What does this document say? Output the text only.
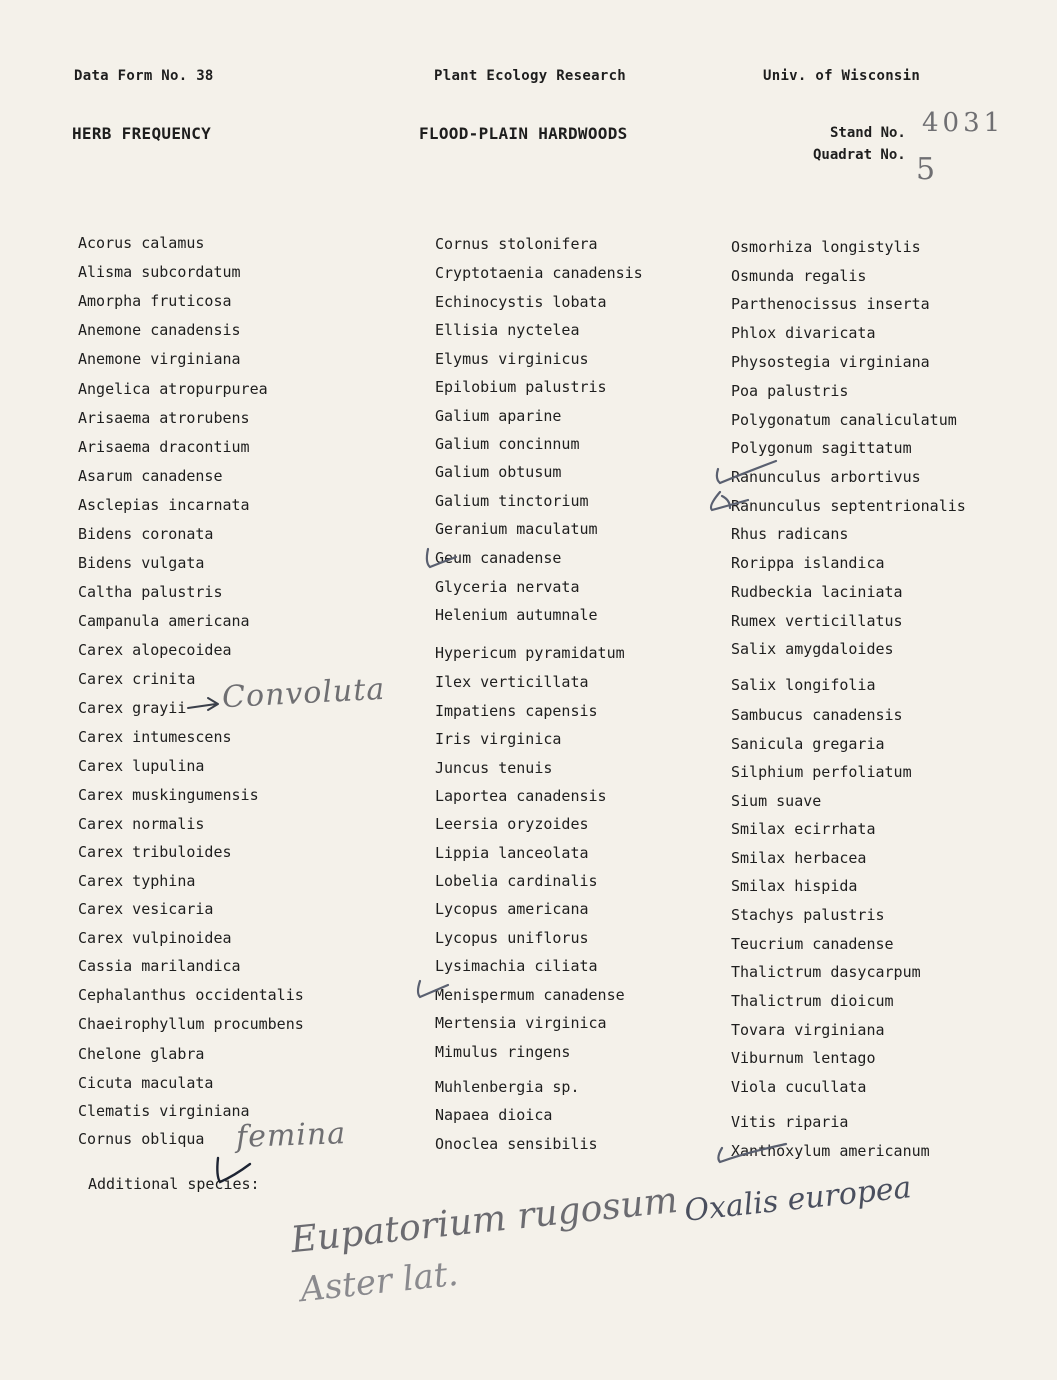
Data Form No. 38	Plant Ecology Research	Univ. of Wisconsin
HERB FREQUENCY	FLOOD-PLAIN HARDWOODS	Stand No. 4031
Quadrat No. 5
Acorus calamus
Alisma subcordatum
Amorpha fruticosa
Anemone canadensis
Anemone virginiana
Angelica atropurpurea
Arisaema atrorubens
Arisaema dracontium
Asarum canadense
Asclepias incarnata
Bidens coronata
Bidens vulgata
Caltha palustris
Campanula americana
Carex alopecoidea
Carex crinita
Carex grayii
Carex intumescens
Carex lupulina
Carex muskingumensis
Carex normalis
Carex tribuloides
Carex typhina
Carex vesicaria
Carex vulpinoidea
Cassia marilandica
Cephalanthus occidentalis
Chaeirophyllum procumbens
Chelone glabra
Cicuta maculata
Clematis virginiana
Cornus obliqua
Cornus stolonifera
Cryptotaenia canadensis
Echinocystis lobata
Ellisia nyctelea
Elymus virginicus
Epilobium palustris
Galium aparine
Galium concinnum
Galium obtusum
Galium tinctorium
Geranium maculatum
Geum canadense
Glyceria nervata
Helenium autumnale
Hypericum pyramidatum
Ilex verticillata
Impatiens capensis
Iris virginica
Juncus tenuis
Laportea canadensis
Leersia oryzoides
Lippia lanceolata
Lobelia cardinalis
Lycopus americana
Lycopus uniflorus
Lysimachia ciliata
Menispermum canadense
Mertensia virginica
Mimulus ringens
Muhlenbergia sp.
Napaea dioica
Onoclea sensibilis
Osmorhiza longistylis
Osmunda regalis
Parthenocissus inserta
Phlox divaricata
Physostegia virginiana
Poa palustris
Polygonatum canaliculatum
Polygonum sagittatum
Ranunculus arbortivus
Ranunculus septentrionalis
Rhus radicans
Rorippa islandica
Rudbeckia laciniata
Rumex verticillatus
Salix amygdaloides
Salix longifolia
Sambucus canadensis
Sanicula gregaria
Silphium perfoliatum
Sium suave
Smilax ecirrhata
Smilax herbacea
Smilax hispida
Stachys palustris
Teucrium canadense
Thalictrum dasycarpum
Thalictrum dioicum
Tovara virginiana
Viburnum lentago
Viola cucullata
Vitis riparia
Xanthoxylum americanum
Convoluta
femina
Additional species: Eupatorium rugosum
Aster lat.
Oxalis europea
